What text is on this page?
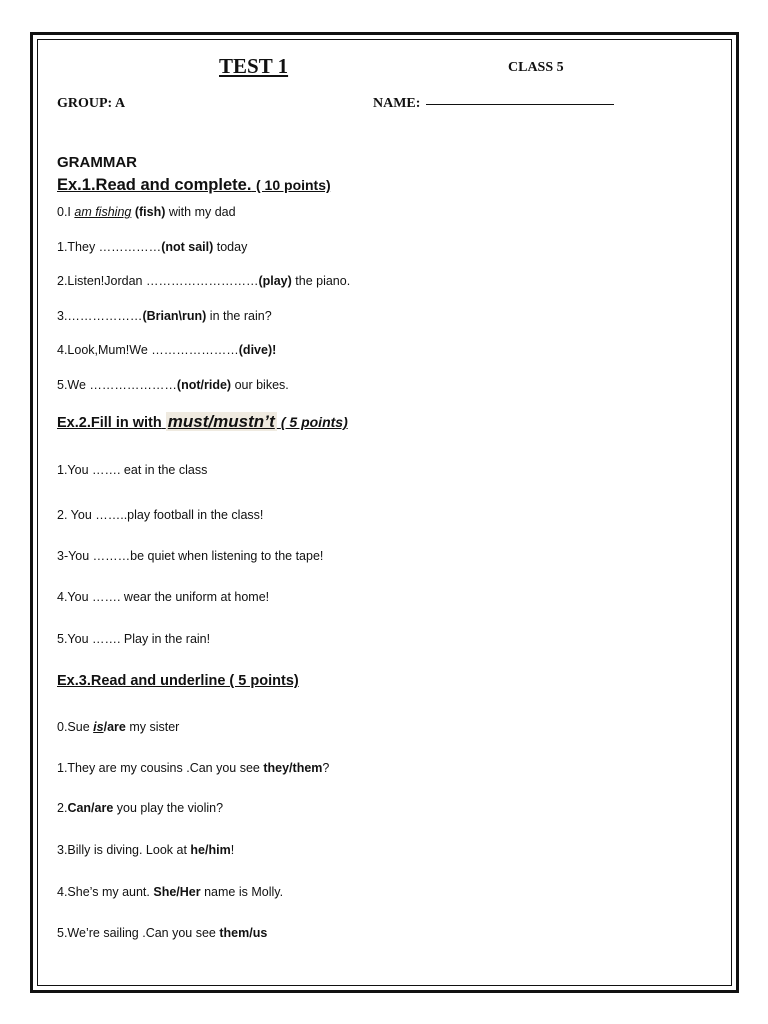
TEST 1	CLASS 5
GROUP: A	NAME:
GRAMMAR
Ex.1.Read and complete. ( 10 points)
0.I am fishing (fish) with my dad
1.They ……………(not sail) today
2.Listen!Jordan ………………………(play) the piano.
3.………………(Brian\run) in the rain?
4.Look,Mum!We …………………(dive)!
5.We …………………(not/ride) our bikes.
Ex.2.Fill in with must/mustn’t ( 5 points)
1.You ……. eat in the class
2. You ……..play football in the class!
3-You ………be quiet when listening to the tape!
4.You ……. wear the uniform at home!
5.You ……. Play in the rain!
Ex.3.Read and underline ( 5 points)
0.Sue is/are my sister
1.They are my cousins .Can you see they/them?
2.Can/are you play the violin?
3.Billy is diving. Look at he/him!
4.She’s my aunt. She/Her name is Molly.
5.We’re sailing .Can you see them/us
